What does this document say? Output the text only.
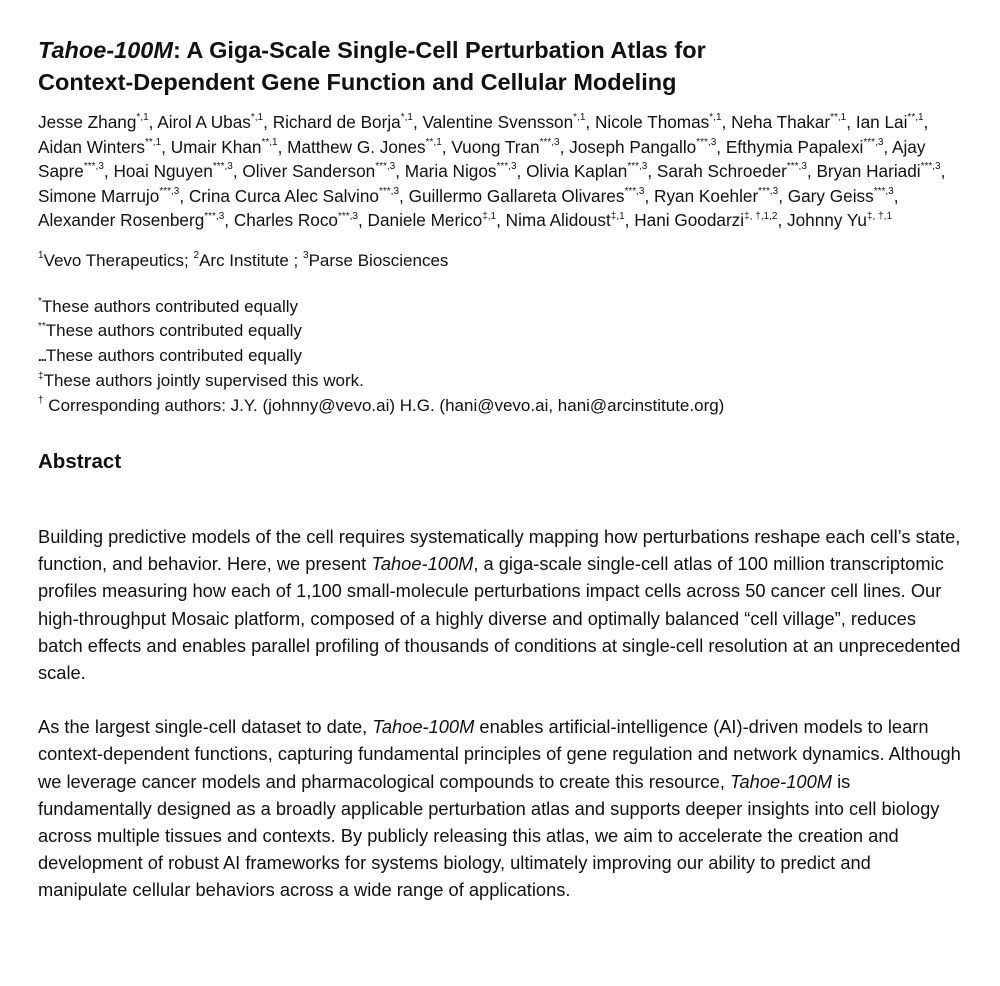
Tahoe-100M: A Giga-Scale Single-Cell Perturbation Atlas for
Context-Dependent Gene Function and Cellular Modeling
Jesse Zhang$^{*,1}$, Airol A Ubas$^{*,1}$, Richard de Borja$^{*,1}$, Valentine Svensson$^{*,1}$, Nicole Thomas$^{*,1}$, Neha Thakar$^{**,1}$, Ian Lai$^{**,1}$, Aidan Winters$^{**,1}$, Umair Khan$^{**,1}$, Matthew G. Jones$^{**,1}$, Vuong Tran$^{***,3}$, Joseph Pangallo$^{***,3}$, Efthymia Papalexi$^{***,3}$, Ajay Sapre$^{***,3}$, Hoai Nguyen$^{***,3}$, Oliver Sanderson$^{***,3}$, Maria Nigos$^{***,3}$, Olivia Kaplan$^{***,3}$, Sarah Schroeder$^{***,3}$, Bryan Hariadi$^{***,3}$, Simone Marrujo$^{***,3}$, Crina Curca Alec Salvino$^{***,3}$, Guillermo Gallareta Olivares$^{***,3}$, Ryan Koehler$^{***,3}$, Gary Geiss$^{***,3}$, Alexander Rosenberg$^{***,3}$, Charles Roco$^{***,3}$, Daniele Merico$^{\ddagger,1}$, Nima Alidoust$^{\ddagger,1}$, Hani Goodarzi$^{\ddagger, \dagger,1,2}$, Johnny $Yu^{\ddagger, \dagger,1}$
$^1$Vevo Therapeutics; $^2$Arc Institute ; $^3$Parse Biosciences
*These authors contributed equally
**These authors contributed equally
...These authors contributed equally
‡These authors jointly supervised this work.
† Corresponding authors: J.Y. (johnny@vevo.ai) H.G. (hani@vevo.ai, hani@arcinstitute.org)
Abstract

Building predictive models of the cell requires systematically mapping how perturbations reshape each cell’s state, function, and behavior. Here, we present Tahoe-100M, a giga-scale single-cell atlas of 100 million transcriptomic profiles measuring how each of 1,100 small-molecule perturbations impact cells across 50 cancer cell lines. Our high-throughput Mosaic platform, composed of a highly diverse and optimally balanced “cell village”, reduces batch effects and enables parallel profiling of thousands of conditions at single-cell resolution at an unprecedented scale.

As the largest single-cell dataset to date, Tahoe-100M enables artificial-intelligence (AI)-driven models to learn context-dependent functions, capturing fundamental principles of gene regulation and network dynamics. Although we leverage cancer models and pharmacological compounds to create this resource, Tahoe-100M is fundamentally designed as a broadly applicable perturbation atlas and supports deeper insights into cell biology across multiple tissues and contexts. By publicly releasing this atlas, we aim to accelerate the creation and development of robust AI frameworks for systems biology, ultimately improving our ability to predict and manipulate cellular behaviors across a wide range of applications.
